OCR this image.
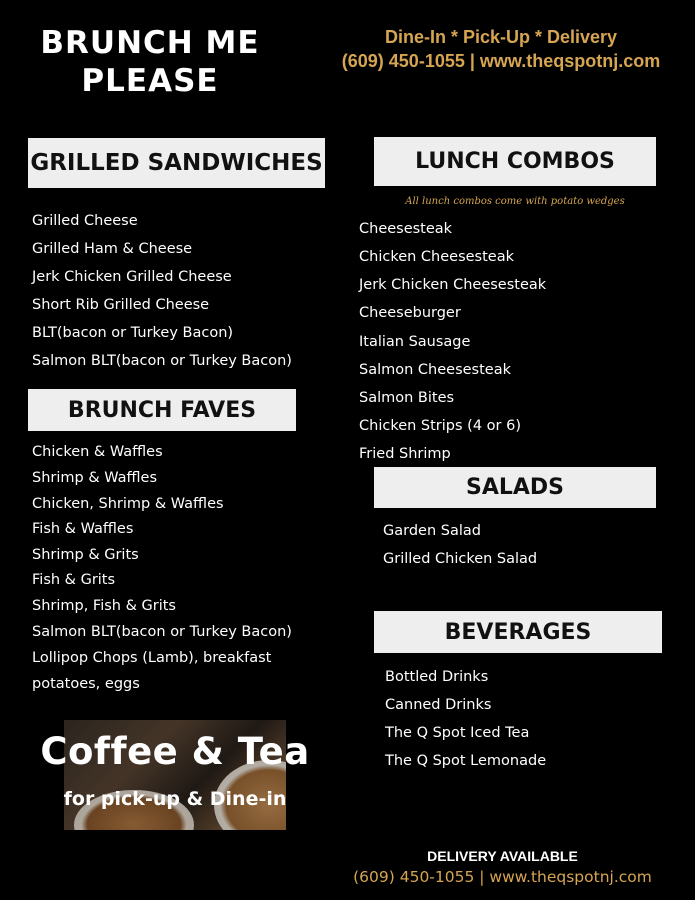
BRUNCH ME
PLEASE
Dine-In * Pick-Up * Delivery
(609) 450-1055 | www.theqspotnj.com
GRILLED SANDWICHES
Grilled Cheese
Grilled Ham & Cheese
Jerk Chicken Grilled Cheese
Short Rib Grilled Cheese
BLT(bacon or Turkey Bacon)
Salmon BLT(bacon or Turkey Bacon)
BRUNCH FAVES
Chicken & Waffles
Shrimp & Waffles
Chicken, Shrimp & Waffles
Fish & Waffles
Shrimp & Grits
Fish & Grits
Shrimp, Fish & Grits
Salmon BLT(bacon or Turkey Bacon)
Lollipop Chops (Lamb), breakfast
potatoes, eggs
Coffee & Tea
for pick-up & Dine-in
LUNCH COMBOS
All lunch combos come with potato wedges
Cheesesteak
Chicken Cheesesteak
Jerk Chicken Cheesesteak
Cheeseburger
Italian Sausage
Salmon Cheesesteak
Salmon Bites
Chicken Strips (4 or 6)
Fried Shrimp
SALADS
Garden Salad
Grilled Chicken Salad
BEVERAGES
Bottled Drinks
Canned Drinks
The Q Spot Iced Tea
The Q Spot Lemonade
DELIVERY AVAILABLE
(609) 450-1055 | www.theqspotnj.com
